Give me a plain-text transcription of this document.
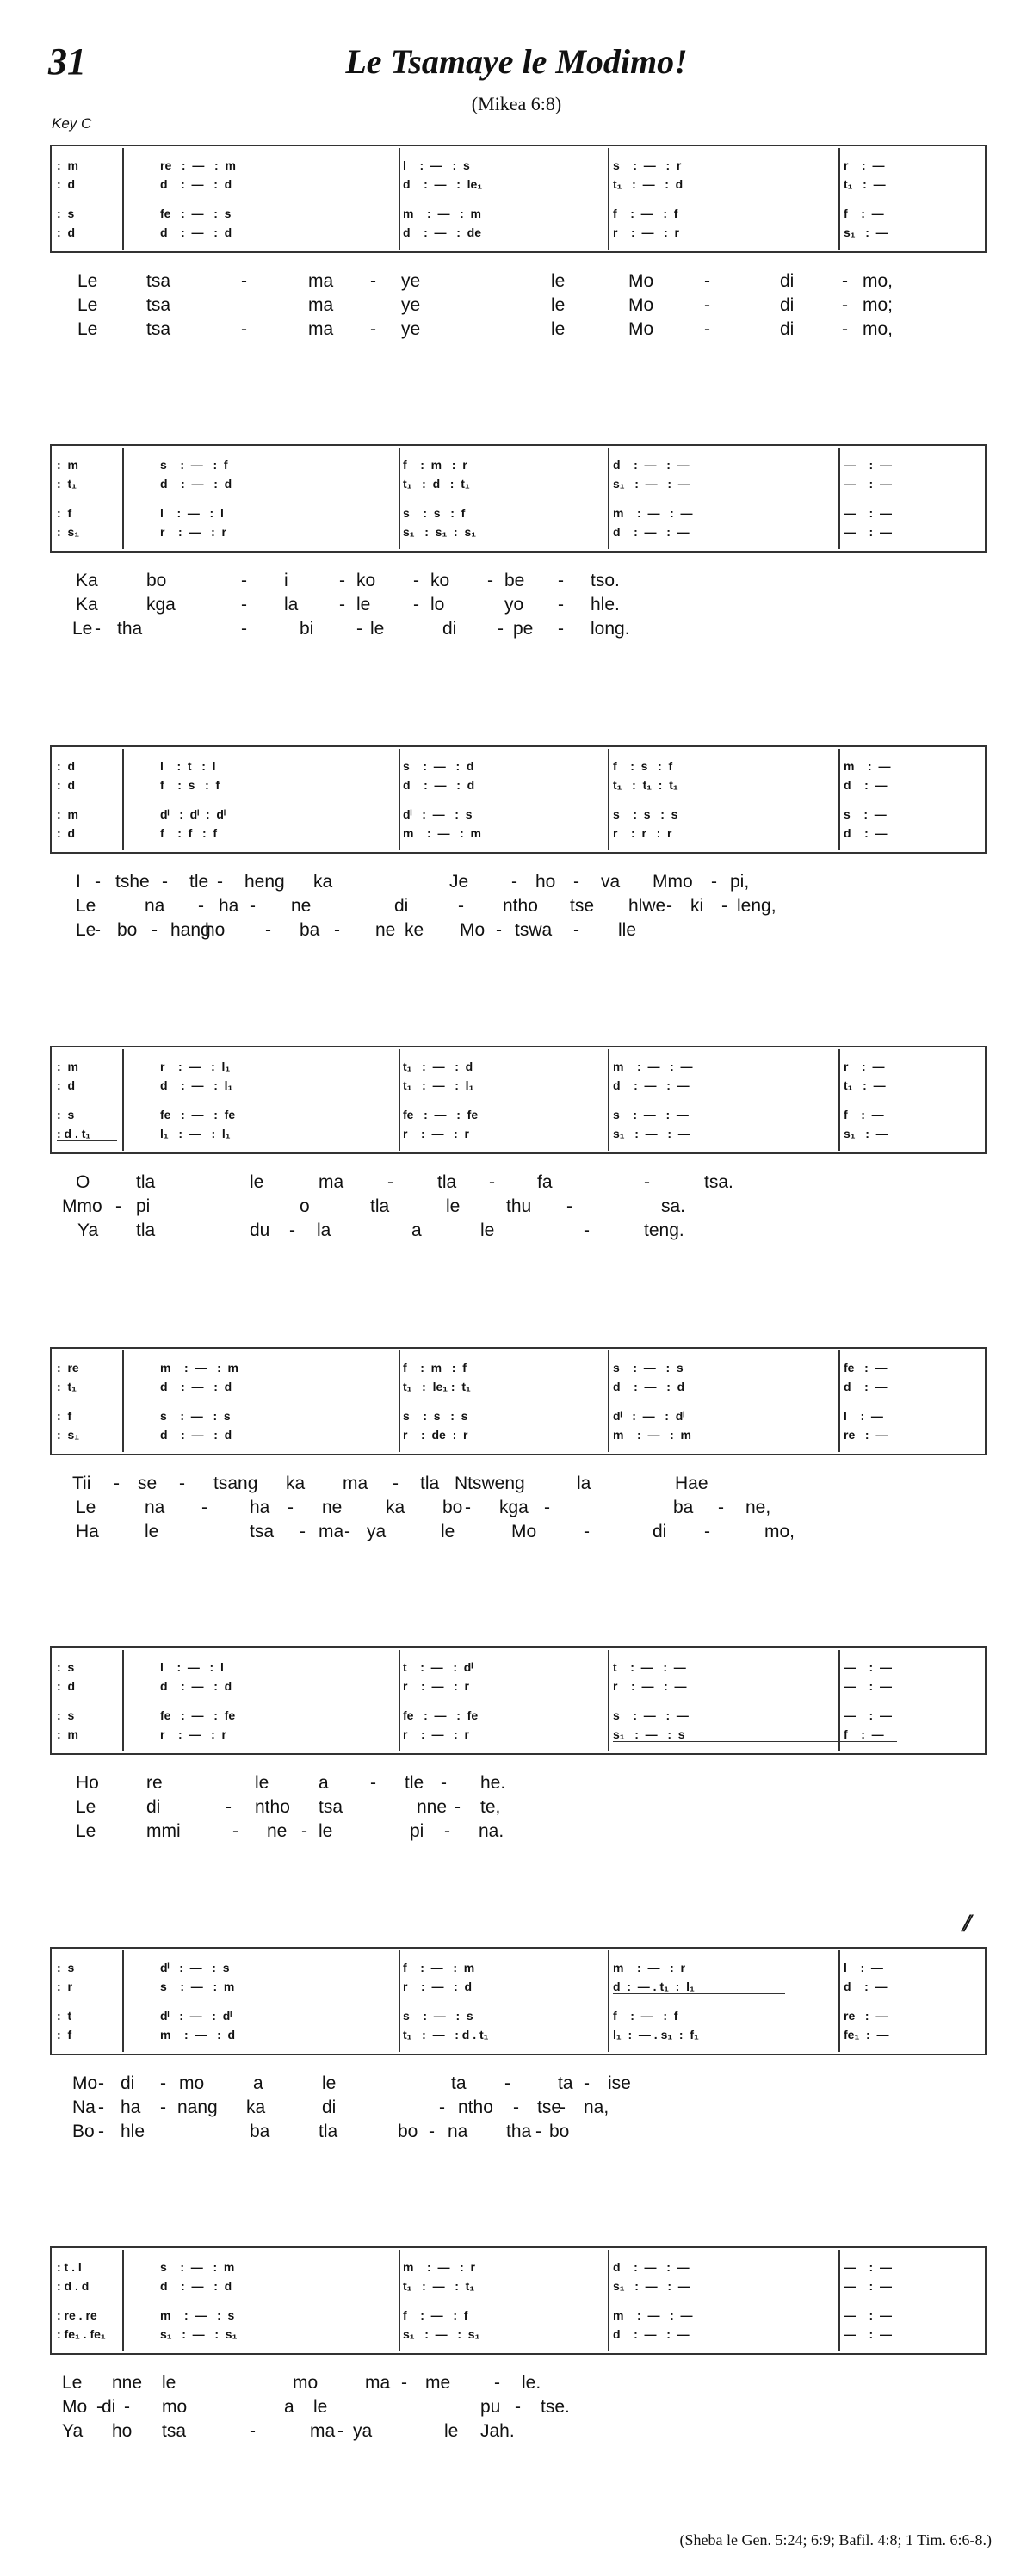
31	Le Tsamaye le Modimo!
(Mikea 6:8)
Key C
:  m	re   :  —   :  m	l    :  —   :  s	s    :  —   :  r	r    :  —
:  d	d    :  —   :  d	d    :  —   :  le₁	t₁   :  —   :  d	t₁   :  —
:  s	fe   :  —   :  s	m    :  —   :  m	f    :  —   :  f	f    :  —
:  d	d    :  —   :  d	d    :  —   :  de	r    :  —   :  r	s₁   :  —
Le	tsa	-	ma - ye	le	Mo	-	di	- mo,
Le	tsa	ma	ye	le	Mo	-	di	- mo;
Le	tsa	-	ma - ye	le	Mo	-	di	- mo,
:  m	s    :  —   :  f	f    :  m   :  r	d    :  —   :  —	—    :  —
:  t₁	d    :  —   :  d	t₁   :  d   :  t₁	s₁   :  —   :  —	—    :  —
:  f	l    :  —   :  l	s    :  s   :  f	m    :  —   :  —	—    :  —
:  s₁	r    :  —   :  r	s₁   :  s₁  :  s₁	d    :  —   :  —	—    :  —
Ka	bo	- i	- ko - ko - be - tso.
Ka	kga	- la - le - lo	yo - hle.
Le - tha	-	bi - le	di - pe - long.
:  d	l    :  t   :  l	s    :  —   :  d	f    :  s   :  f	m    :  —
:  d	f    :  s   :  f	d    :  —   :  d	t₁   :  t₁  :  t₁	d    :  —
:  m	dˡ   :  dˡ  :  dˡ	dˡ   :  —   :  s	s    :  s   :  s	s    :  —
:  d	f    :  f   :  f	m    :  —   :  m	r    :  r   :  r	d    :  —
I - tshe - tle - heng ka	Je - ho - va Mmo - pi,
Le	na - ha - ne	di	- ntho tse hlwe - ki - leng,
Le
- bo - hang
ho - ba - ne ke Mo - tswa - lle
:  m	r    :  —   :  l₁	t₁   :  —   :  d	m    :  —   :  —	r    :  —
:  d	d    :  —   :  l₁	t₁   :  —   :  l₁	d    :  —   :  —	t₁   :  —
:  s	fe   :  —   :  fe	fe   :  —   :  fe	s    :  —   :  —	f    :  —
: d . t₁	l₁   :  —   :  l₁	r    :  —   :  r	s₁   :  —   :  —	s₁   :  —
O	tla	le	ma - tla - fa	-	tsa.
Mmo - pi	o	tla	le	thu -	sa.
Ya tla	du - la	a	le	-	teng.
:  re	m    :  —   :  m	f    :  m   :  f	s    :  —   :  s	fe   :  —
:  t₁	d    :  —   :  d	t₁   :  le₁ :  t₁	d    :  —   :  d	d    :  —
:  f	s    :  —   :  s	s    :  s   :  s	dˡ   :  —   :  dˡ	l    :  —
:  s₁	d    :  —   :  d	r    :  de  :  r	m    :  —   :  m	re   :  —
Tii - se - tsang ka ma - tla Ntsweng	la	Hae
Le	na - ha - ne ka bo - kga -	ba - ne,
Ha	le	tsa - ma - ya	le	Mo	-	di -	mo,
:  s	l    :  —   :  l	t    :  —   :  dˡ	t    :  —   :  —	—    :  —
:  d	d    :  —   :  d	r    :  —   :  r	r    :  —   :  —	—    :  —
:  s	fe   :  —   :  fe	fe   :  —   :  fe	s    :  —   :  —	—    :  —
:  m	r    :  —   :  r	r    :  —   :  r	s₁   :  —   :  s	f    :  —
Ho	re	le	a - tle - he.
Le	di	- ntho tsa	nne - te,
Le	mmi	- ne - le	pi - na.
:  s	dˡ   :  —   :  s	f    :  —   :  m	m    :  —   :  r	l    :  —
:  r	s    :  —   :  m	r    :  —   :  d	d  :  — . t₁  :  l₁	d    :  —
:  t	dˡ   :  —   :  dˡ	s    :  —   :  s	f    :  —   :  f	re   :  —
:  f	m    :  —   :  d	t₁   :  —   : d . t₁	l₁  :  — . s₁  :  f₁	fe₁  :  —
Mo - di - mo	a	le	ta -	ta - ise
Na - ha - nang ka	di	- ntho - tse
- na,
Bo - hle	ba	tla	bo - na tha - bo
: t . l	s    :  —   :  m	m    :  —   :  r	d    :  —   :  —	—    :  —
: d . d	d    :  —   :  d	t₁   :  —   :  t₁	s₁   :  —   :  —	—    :  —
: re . re	m    :  —   :  s	f    :  —   :  f	m    :  —   :  —	—    :  —
: fe₁ . fe₁	s₁   :  —   :  s₁	s₁   :  —   :  s₁	d    :  —   :  —	—    :  —
Le nne le	mo	ma - me - le.
Mo - di - mo	a le	pu - tse.
Ya ho tsa	-	ma - ya	le Jah.
//
(Sheba le Gen. 5:24; 6:9; Bafil. 4:8; 1 Tim. 6:6-8.)
